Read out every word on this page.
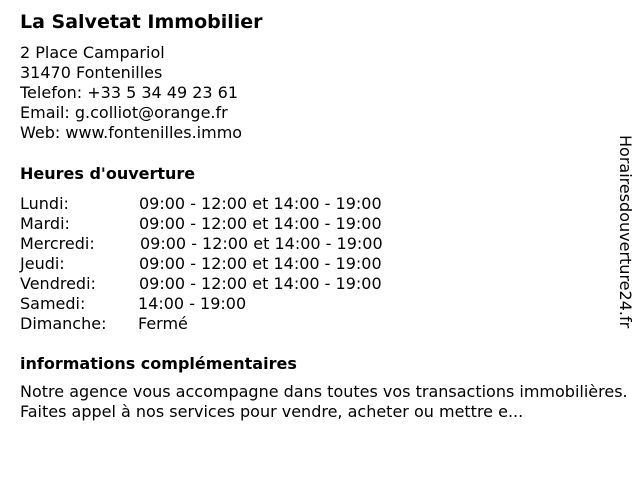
La Salvetat Immobilier
2 Place Campariol
31470 Fontenilles
Telefon: +33 5 34 49 23 61
Email: g.colliot@orange.fr
Web: www.fontenilles.immo
Heures d'ouverture
Lundi:	09:00 - 12:00 et 14:00 - 19:00
Mardi:	09:00 - 12:00 et 14:00 - 19:00
Mercredi:	09:00 - 12:00 et 14:00 - 19:00
Jeudi:	09:00 - 12:00 et 14:00 - 19:00
Vendredi:	09:00 - 12:00 et 14:00 - 19:00
Samedi:	14:00 - 19:00
Dimanche:	Fermé
informations complémentaires
Notre agence vous accompagne dans toutes vos transactions immobilières. Faites appel à nos services pour vendre, acheter ou mettre e...
Horairesdouverture24.fr
